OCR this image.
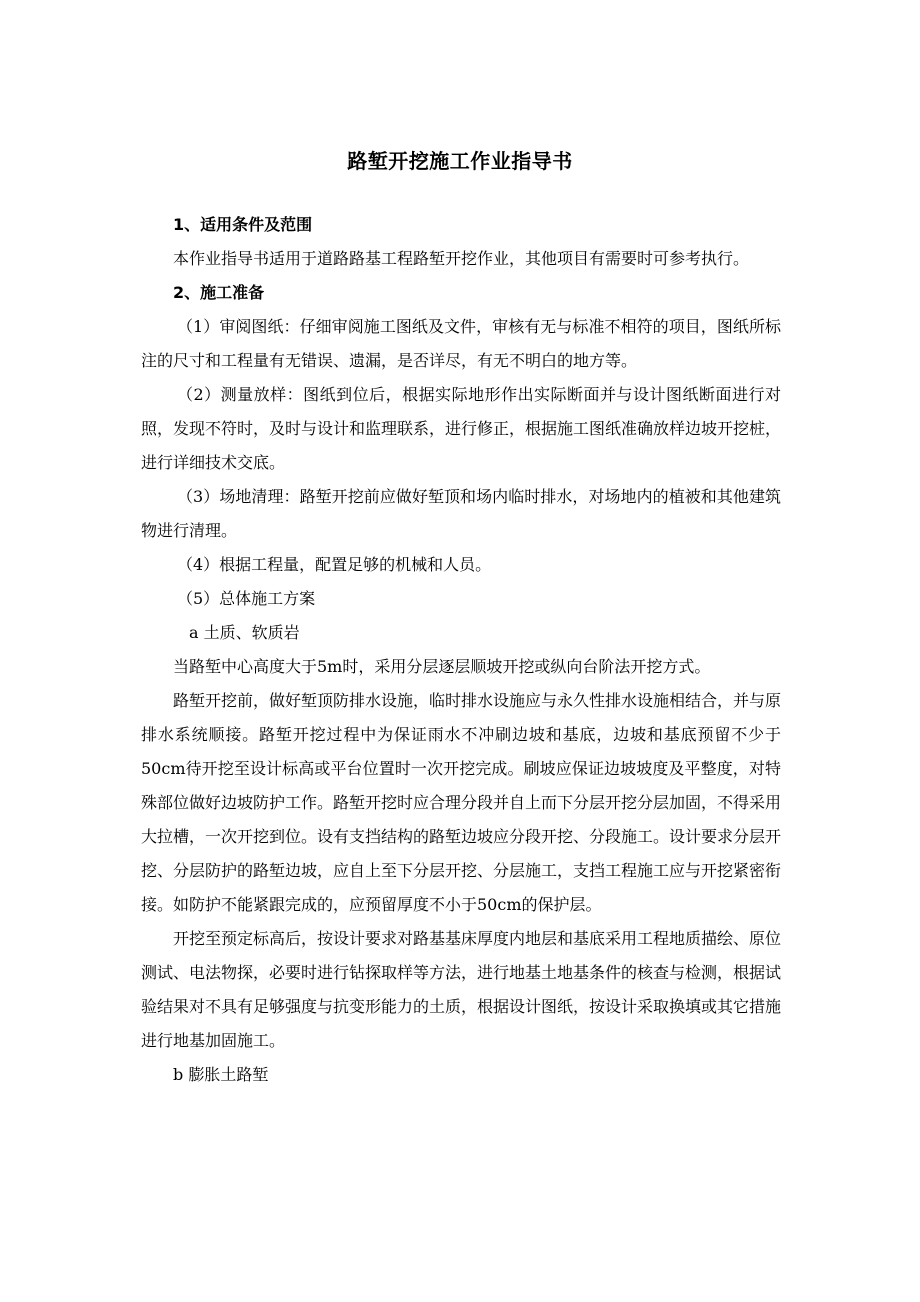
路堑开挖施工作业指导书

1、适用条件及范围

本作业指导书适用于道路路基工程路堑开挖作业，其他项目有需要时可参考执行。

2、施工准备

（1）审阅图纸：仔细审阅施工图纸及文件，审核有无与标准不相符的项目，图纸所标注的尺寸和工程量有无错误、遗漏，是否详尽，有无不明白的地方等。

（2）测量放样：图纸到位后，根据实际地形作出实际断面并与设计图纸断面进行对照，发现不符时，及时与设计和监理联系，进行修正，根据施工图纸准确放样边坡开挖桩，进行详细技术交底。

（3）场地清理：路堑开挖前应做好堑顶和场内临时排水，对场地内的植被和其他建筑物进行清理。

（4）根据工程量，配置足够的机械和人员。

（5）总体施工方案

a 土质、软质岩

当路堑中心高度大于5m时，采用分层逐层顺坡开挖或纵向台阶法开挖方式。

路堑开挖前，做好堑顶防排水设施，临时排水设施应与永久性排水设施相结合，并与原排水系统顺接。路堑开挖过程中为保证雨水不冲刷边坡和基底，边坡和基底预留不少于50cm待开挖至设计标高或平台位置时一次开挖完成。刷坡应保证边坡坡度及平整度，对特殊部位做好边坡防护工作。路堑开挖时应合理分段并自上而下分层开挖分层加固，不得采用大拉槽，一次开挖到位。设有支挡结构的路堑边坡应分段开挖、分段施工。设计要求分层开挖、分层防护的路堑边坡，应自上至下分层开挖、分层施工，支挡工程施工应与开挖紧密衔接。如防护不能紧跟完成的，应预留厚度不小于50cm的保护层。

开挖至预定标高后，按设计要求对路基基床厚度内地层和基底采用工程地质描绘、原位测试、电法物探，必要时进行钻探取样等方法，进行地基土地基条件的核查与检测，根据试验结果对不具有足够强度与抗变形能力的土质，根据设计图纸，按设计采取换填或其它措施进行地基加固施工。

b 膨胀土路堑
